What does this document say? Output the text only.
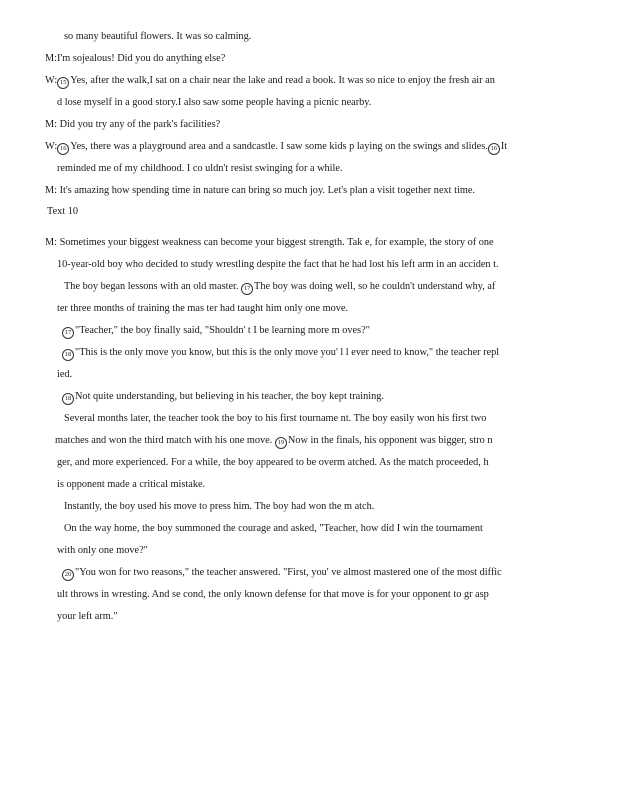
so many beautiful flowers. It was so calming.
M:I'm sojealous! Did you do anything else?
W: 15 Yes, after the walk,I sat on a chair near the lake and read a book. It was so nice to enjoy the fresh air an
d lose myself in a good story.I also saw some people having a picnic nearby.
M: Did you try any of the park's facilities?
W: 16 Yes, there was a playground area and a sandcastle. I saw some kids p laying on the swings and slides. 16 It
reminded me of my childhood. I co uldn't resist swinging for a while.
M: It's amazing how spending time in nature can bring so much joy. Let's plan a visit together next time.
Text 10
M: Sometimes your biggest weakness can become your biggest strength. Tak e, for example, the story of one
10-year-old boy who decided to study wrestling despite the fact that he had lost his left arm in an acciden t.
The boy began lessons with an old master. 17 The boy was doing well, so he couldn't understand why, af
ter three months of training the mas ter had taught him only one move.
17 "Teacher," the boy finally said, "Shouldn' t I be learning more m oves?"
18 "This is the only move you know, but this is the only move you' l l ever need to know," the teacher repl
ied.
18 Not quite understanding, but believing in his teacher, the boy kept training.
Several months later, the teacher took the boy to his first tourname nt. The boy easily won his first two
matches and won the third match with his one move. 19 Now in the finals, his opponent was bigger, stro n
ger, and more experienced. For a while, the boy appeared to be overm atched. As the match proceeded, h
is opponent made a critical mistake.
Instantly, the boy used his move to press him. The boy had won the m atch.
On the way home, the boy summoned the courage and asked, "Teacher, how did I win the tournament
with only one move?"
20 "You won for two reasons," the teacher answered. "First, you' ve almost mastered one of the most diffic
ult throws in wresting. And se cond, the only known defense for that move is for your opponent to gr asp
your left arm."
